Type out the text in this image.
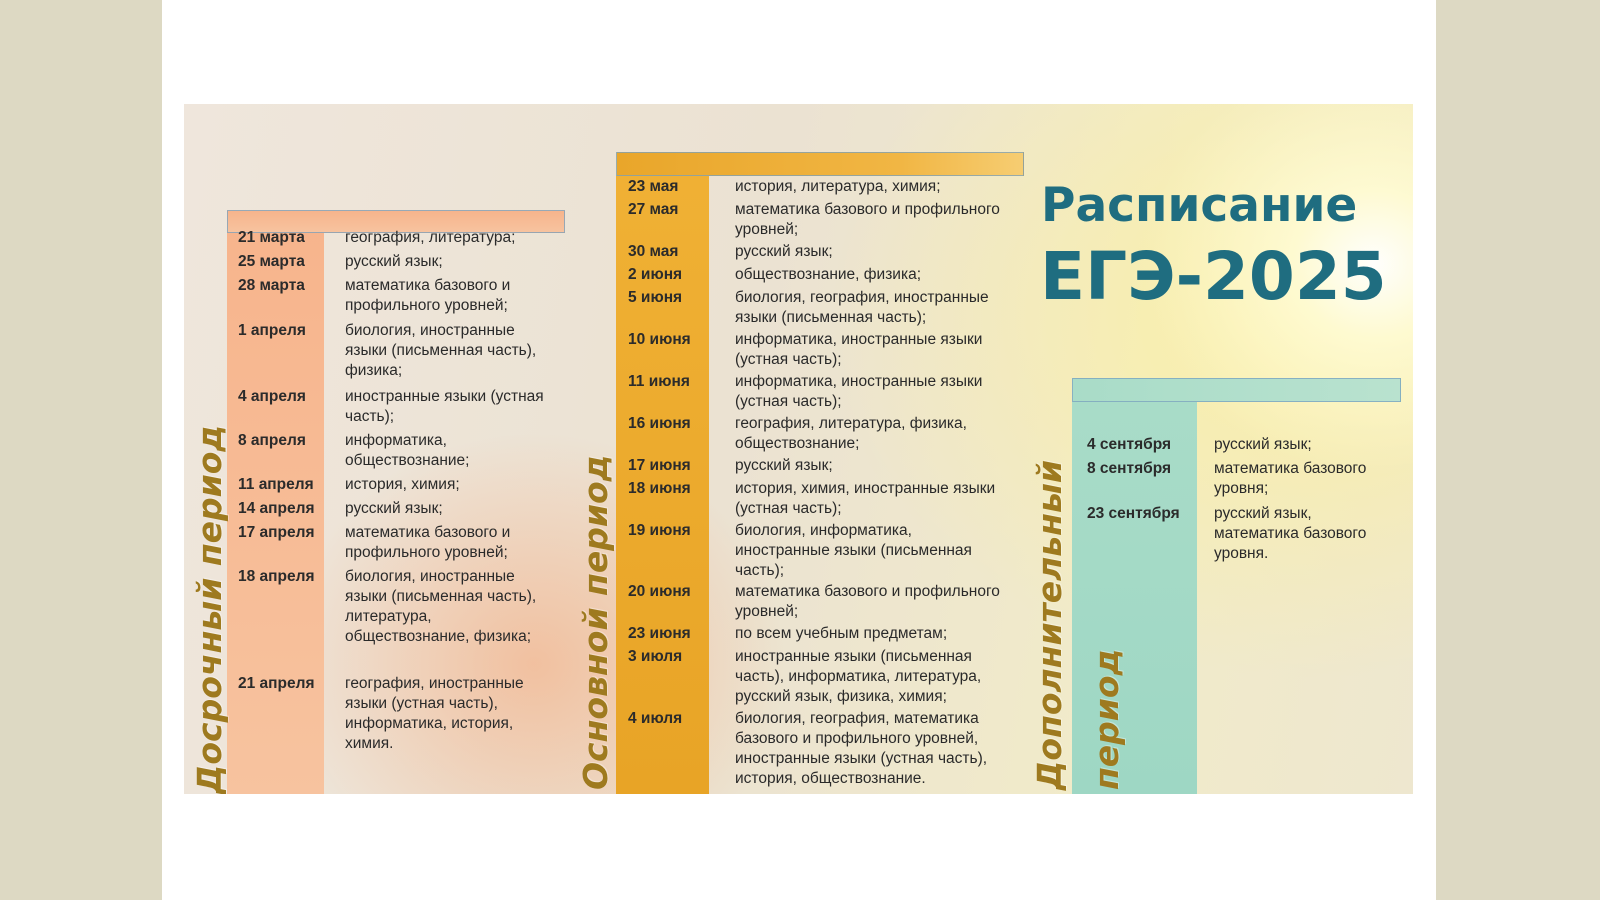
Досрочный период	Основной период	Дополнительный период
Расписание
ЕГЭ-2025
21 марта	география, литература;
25 марта	русский язык;
28 марта	математика базового и профильного уровней;
1 апреля	биология, иностранные языки (письменная часть), физика;
4 апреля	иностранные языки (устная часть);
8 апреля	информатика, обществознание;
11 апреля история, химия;
14 апреля русский язык;
17 апреля математика базового и профильного уровней;
18 апреля биология, иностранные языки (письменная часть), литература, обществознание, физика;
21 апреля география, иностранные языки (устная часть), информатика, история, химия.
23 мая	история, литература, химия;
27 мая	математика базового и профильного уровней;
30 мая	русский язык;
2 июня	обществознание, физика;
5 июня	биология, география, иностранные языки (письменная часть);
10 июня	информатика, иностранные языки (устная часть);
11 июня	информатика, иностранные языки (устная часть);
16 июня	география, литература, физика, обществознание;
17 июня	русский язык;
18 июня	история, химия, иностранные языки (устная часть);
19 июня	биология, информатика, иностранные языки (письменная часть);
20 июня	математика базового и профильного уровней;
23 июня	по всем учебным предметам;
3 июля	иностранные языки (письменная часть), информатика, литература, русский язык, физика, химия;
4 июля	биология, география, математика базового и профильного уровней, иностранные языки (устная часть), история, обществознание.
4 сентября	русский язык;
8 сентября	математика базового уровня;
23 сентября русский язык, математика базового уровня.
